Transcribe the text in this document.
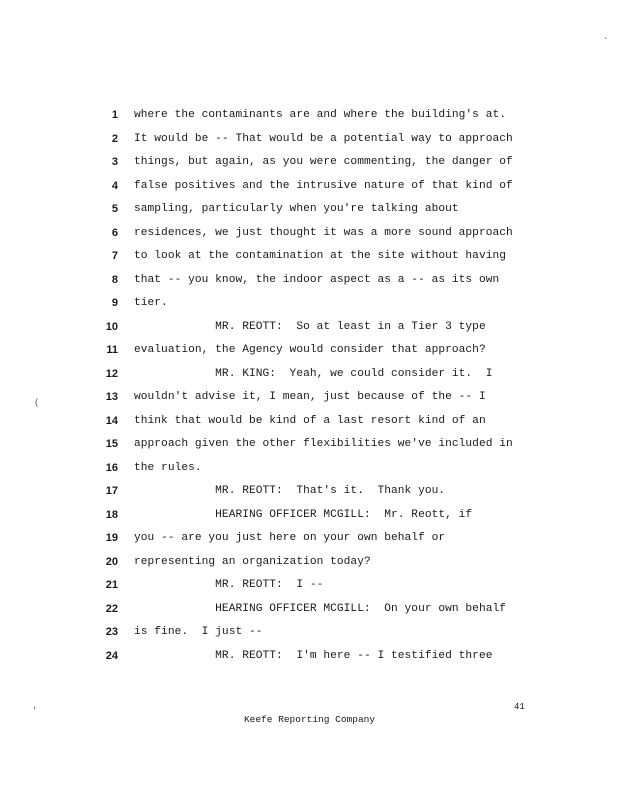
1 where the contaminants are and where the building's at.
2 It would be -- That would be a potential way to approach
3 things, but again, as you were commenting, the danger of
4 false positives and the intrusive nature of that kind of
5 sampling, particularly when you're talking about
6 residences, we just thought it was a more sound approach
7 to look at the contamination at the site without having
8 that -- you know, the indoor aspect as a -- as its own
9 tier.
10 MR. REOTT:  So at least in a Tier 3 type
11 evaluation, the Agency would consider that approach?
12 MR. KING:  Yeah, we could consider it.  I
13 wouldn't advise it, I mean, just because of the -- I
14 think that would be kind of a last resort kind of an
15 approach given the other flexibilities we've included in
16 the rules.
17 MR. REOTT:  That's it.  Thank you.
18 HEARING OFFICER MCGILL:  Mr. Reott, if
19 you -- are you just here on your own behalf or
20 representing an organization today?
21 MR. REOTT:  I --
22 HEARING OFFICER MCGILL:  On your own behalf
23 is fine.  I just --
24 MR. REOTT:  I'm here -- I testified three
41
Keefe Reporting Company
.
(
'
